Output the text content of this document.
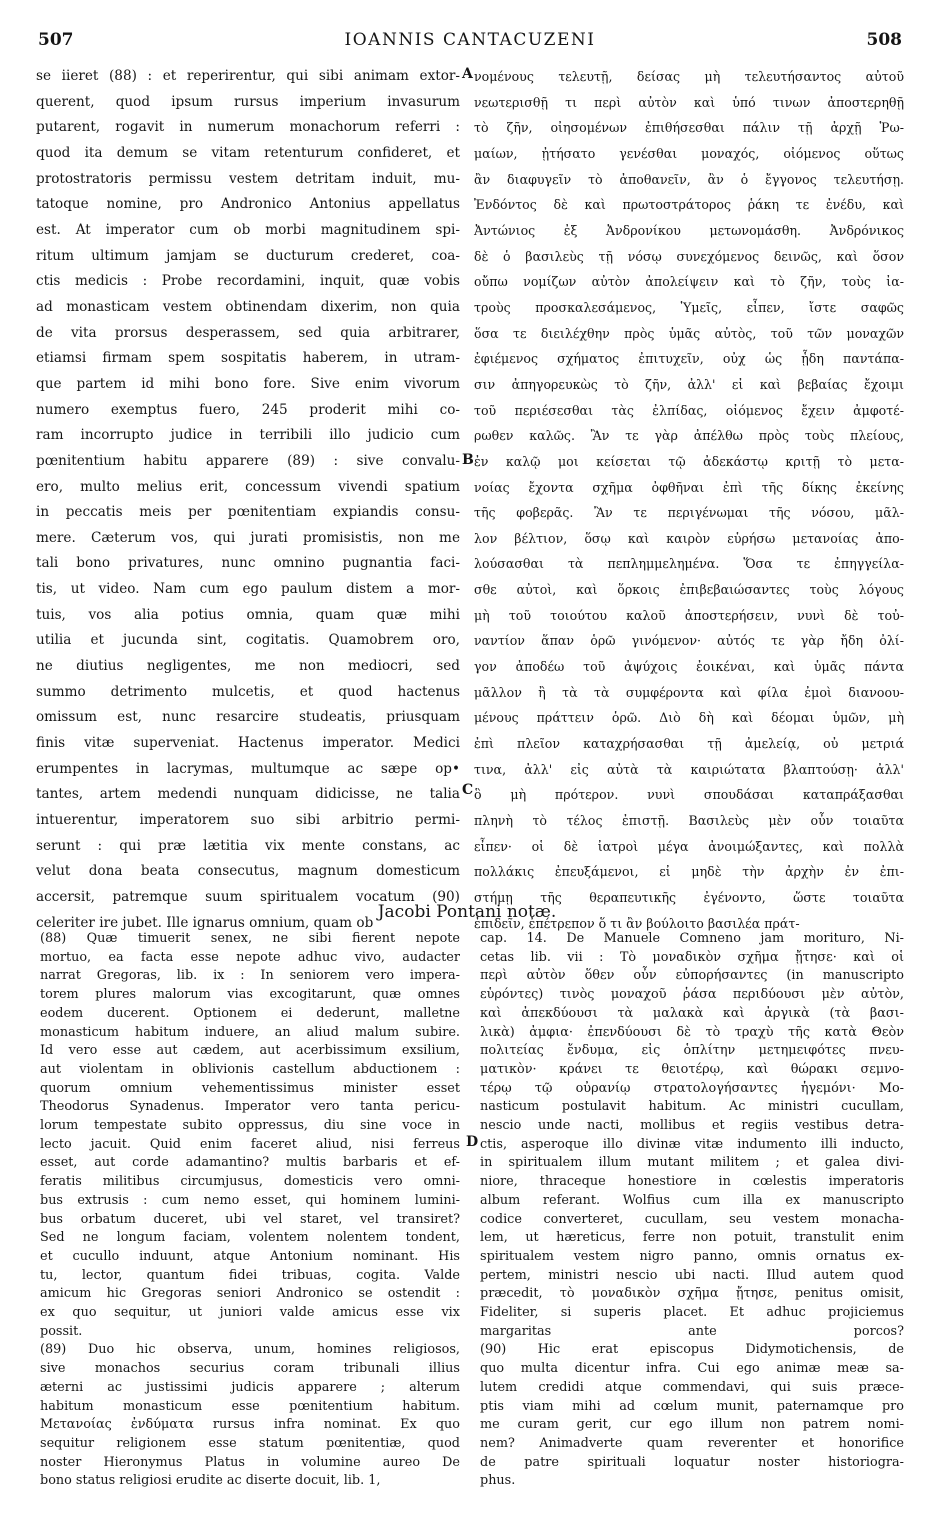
507	IOANNIS CANTACUZENI	508
se iieret (88) : et reperirentur, qui sibi animam extor-
querent, quod ipsum rursus imperium invasurum
putarent, rogavit in numerum monachorum referri :
quod ita demum se vitam retenturum confideret, et
protostratoris permissu vestem detritam induit, mu-
tatoque nomine, pro Andronico Antonius appellatus
est. At imperator cum ob morbi magnitudinem spi-
ritum ultimum jamjam se ducturum crederet, coa-
ctis medicis : Probe recordamini, inquit, quæ vobis
ad monasticam vestem obtinendam dixerim, non quia
de vita prorsus desperassem, sed quia arbitrarer,
etiamsi firmam spem sospitatis haberem, in utram-
que partem id mihi bono fore. Sive enim vivorum
numero exemptus fuero, 245 proderit mihi co-
ram incorrupto judice in terribili illo judicio cum
pœnitentium habitu apparere (89) : sive convalu-
ero, multo melius erit, concessum vivendi spatium
in peccatis meis per pœnitentiam expiandis consu-
mere. Cæterum vos, qui jurati promisistis, non me
tali bono privatures, nunc omnino pugnantia faci-
tis, ut video. Nam cum ego paulum distem a mor-
tuis, vos alia potius omnia, quam quæ mihi
utilia et jucunda sint, cogitatis. Quamobrem oro,
ne diutius negligentes, me non mediocri, sed
summo detrimento mulcetis, et quod hactenus
omissum est, nunc resarcire studeatis, priusquam
finis vitæ superveniat. Hactenus imperator. Medici
erumpentes in lacrymas, multumque ac sæpe op•
tantes, artem medendi nunquam didicisse, ne talia
intuerentur, imperatorem suo sibi arbitrio permi-
serunt : qui præ lætitia vix mente constans, ac
velut dona beata consecutus, magnum domesticum
accersit, patremque suum spiritualem vocatum (90)
celeriter ire jubet. Ille ignarus omnium, quam ob
νομένους τελευτῇ, δείσας μὴ τελευτήσαντος αὐτοῦ
νεωτερισθῇ τι περὶ αὐτὸν καὶ ὑπό τινων ἀποστερηθῇ
τὸ ζῆν, οἰησομένων ἐπιθήσεσθαι πάλιν τῇ ἀρχῇ Ῥω-
μαίων, ᾐτήσατο γενέσθαι μοναχός, οἰόμενος οὕτως
ἂν διαφυγεῖν τὸ ἀποθανεῖν, ἂν ὁ ἔγγονος τελευτήσῃ.
Ἐνδόντος δὲ καὶ πρωτοστράτορος ῥάκη τε ἐνέδυ, καὶ
Ἀντώνιος ἐξ Ἀνδρονίκου μετωνομάσθη. Ἀνδρόνικος
δὲ ὁ βασιλεὺς τῇ νόσῳ συνεχόμενος δεινῶς, καὶ ὅσον
οὔπω νομίζων αὐτὸν ἀπολείψειν καὶ τὸ ζῆν, τοὺς ἰα-
τροὺς προσκαλεσάμενος, Ὑμεῖς, εἶπεν, ἴστε σαφῶς
ὅσα τε διειλέχθην πρὸς ὑμᾶς αὐτὸς, τοῦ τῶν μοναχῶν
ἐφιέμενος σχήματος ἐπιτυχεῖν, οὐχ ὡς ᾗδη παντάπα-
σιν ἀπηγορευκὼς τὸ ζῆν, ἀλλ' εἰ καὶ βεβαίας ἔχοιμι
τοῦ περιέσεσθαι τὰς ἐλπίδας, οἰόμενος ἔχειν ἀμφοτέ-
ρωθεν καλῶς. Ἂν τε γὰρ ἀπέλθω πρὸς τοὺς πλείους,
ἐν καλῷ μοι κείσεται τῷ ἀδεκάστῳ κριτῇ τὸ μετα-
νοίας ἔχοντα σχῆμα ὀφθῆναι ἐπὶ τῆς δίκης ἐκείνης
τῆς φοβερᾶς. Ἂν τε περιγένωμαι τῆς νόσου, μᾶλ-
λον βέλτιον, ὅσῳ καὶ καιρὸν εὑρήσω μετανοίας ἀπο-
λούσασθαι τὰ πεπλημμελημένα. Ὅσα τε ἐπηγγείλα-
σθε αὐτοὶ, καὶ ὅρκοις ἐπιβεβαιώσαντες τοὺς λόγους
μὴ τοῦ τοιούτου καλοῦ ἀποστερήσειν, νυνὶ δὲ τοὐ-
ναντίον ἅπαν ὁρῶ γινόμενον· αὐτός τε γὰρ ἤδη ὀλί-
γον ἀποδέω τοῦ ἀψύχοις ἐοικέναι, καὶ ὑμᾶς πάντα
μᾶλλον ἢ τὰ τὰ συμφέροντα καὶ φίλα ἐμοὶ διανοου-
μένους πράττειν ὁρῶ. Διὸ δὴ καὶ δέομαι ὑμῶν, μὴ
ἐπὶ πλεῖον καταχρήσασθαι τῇ ἀμελείᾳ, οὐ μετριά
τινα, ἀλλ' εἰς αὐτὰ τὰ καιριώτατα βλαπτούσῃ· ἀλλ'
ὃ μὴ πρότερον. νυνὶ σπουδάσαι καταπράξασθαι
πληνὴ τὸ τέλος ἐπιστῇ. Βασιλεὺς μὲν οὖν τοιαῦτα
εἶπεν· οἱ δὲ ἰατροὶ μέγα ἀνοιμώξαντες, καὶ πολλὰ
πολλάκις ἐπευξάμενοι, εἰ μηδὲ τὴν ἀρχὴν ἐν ἐπι-
στήμῃ τῆς θεραπευτικῆς ἐγένοντο, ὥστε τοιαῦτα
ἐπιδεῖν, ἐπέτρεπον ὅ τι ἂν βούλοιτο βασιλέα πράτ-
A
B
C
D
Jacobi Pontani notæ.
(88) Quæ timuerit senex, ne sibi fierent nepote
mortuo, ea facta esse nepote adhuc vivo, audacter
narrat Gregoras, lib. ix : In seniorem vero impera-
torem plures malorum vias excogitarunt, quæ omnes
eodem ducerent. Optionem ei dederunt, malletne
monasticum habitum induere, an aliud malum subire.
Id vero esse aut cædem, aut acerbissimum exsilium,
aut violentam in oblivionis castellum abductionem :
quorum omnium vehementissimus minister esset
Theodorus Synadenus. Imperator vero tanta pericu-
lorum tempestate subito oppressus, diu sine voce in
lecto jacuit. Quid enim faceret aliud, nisi ferreus
esset, aut corde adamantino? multis barbaris et ef-
feratis militibus circumjusus, domesticis vero omni-
bus extrusis : cum nemo esset, qui hominem lumini-
bus orbatum duceret, ubi vel staret, vel transiret?
Sed ne longum faciam, volentem nolentem tondent,
et cucullo induunt, atque Antonium nominant. His
tu, lector, quantum fidei tribuas, cogita. Valde
amicum hic Gregoras seniori Andronico se ostendit :
ex quo sequitur, ut juniori valde amicus esse vix
possit.
(89) Duo hic observa, unum, homines religiosos,
sive monachos securius coram tribunali illius
æterni ac justissimi judicis apparere ; alterum
habitum monasticum esse pœnitentium habitum.
Μετανοίας ἐνδύματα rursus infra nominat. Ex quo
sequitur religionem esse statum pœnitentiæ, quod
noster Hieronymus Platus in volumine aureo De
bono status religiosi erudite ac diserte docuit, lib. 1,
cap. 14. De Manuele Comneno jam morituro, Ni-
cetas lib. vii : Τὸ μοναδικὸν σχῆμα ᾔτησε· καὶ οἱ
περὶ αὐτὸν ὅθεν οὖν εὐπορήσαντες (in manuscripto
εὑρόντες) τινὸς μοναχοῦ ῥάσα περιδύουσι μὲν αὐτὸν,
καὶ ἀπεκδύουσι τὰ μαλακὰ καὶ ἀργικὰ (τὰ βασι-
λικὰ) ἀμφια· ἐπενδύουσι δὲ τὸ τραχὺ τῆς κατὰ Θεὸν
πολιτείας ἔνδυμα, εἰς ὁπλίτην μετημειφότες πνευ-
ματικὸν· κράνει τε θειοτέρῳ, καὶ θώρακι σεμνο-
τέρῳ τῷ οὐρανίῳ στρατολογήσαντες ἡγεμόνι· Mo-
nasticum postulavit habitum. Ac ministri cucullam,
nescio unde nacti, mollibus et regiis vestibus detra-
ctis, asperoque illo divinæ vitæ indumento illi inducto,
in spiritualem illum mutant militem ; et galea divi-
niore, thraceque honestiore in cœlestis imperatoris
album referant. Wolfius cum illa ex manuscripto
codice converteret, cucullam, seu vestem monacha-
lem, ut hæreticus, ferre non potuit, transtulit enim
spiritualem vestem nigro panno, omnis ornatus ex-
pertem, ministri nescio ubi nacti. Illud autem quod
præcedit, τὸ μοναδικὸν σχῆμα ᾔτησε, penitus omisit,
Fideliter, si superis placet. Et adhuc projiciemus
margaritas ante porcos?
(90) Hic erat episcopus Didymotichensis, de
quo multa dicentur infra. Cui ego animæ meæ sa-
lutem credidi atque commendavi, qui suis præce-
ptis viam mihi ad cœlum munit, paternamque pro
me curam gerit, cur ego illum non patrem nomi-
nem? Animadverte quam reverenter et honorifice
de patre spirituali loquatur noster historiogra-
phus.
